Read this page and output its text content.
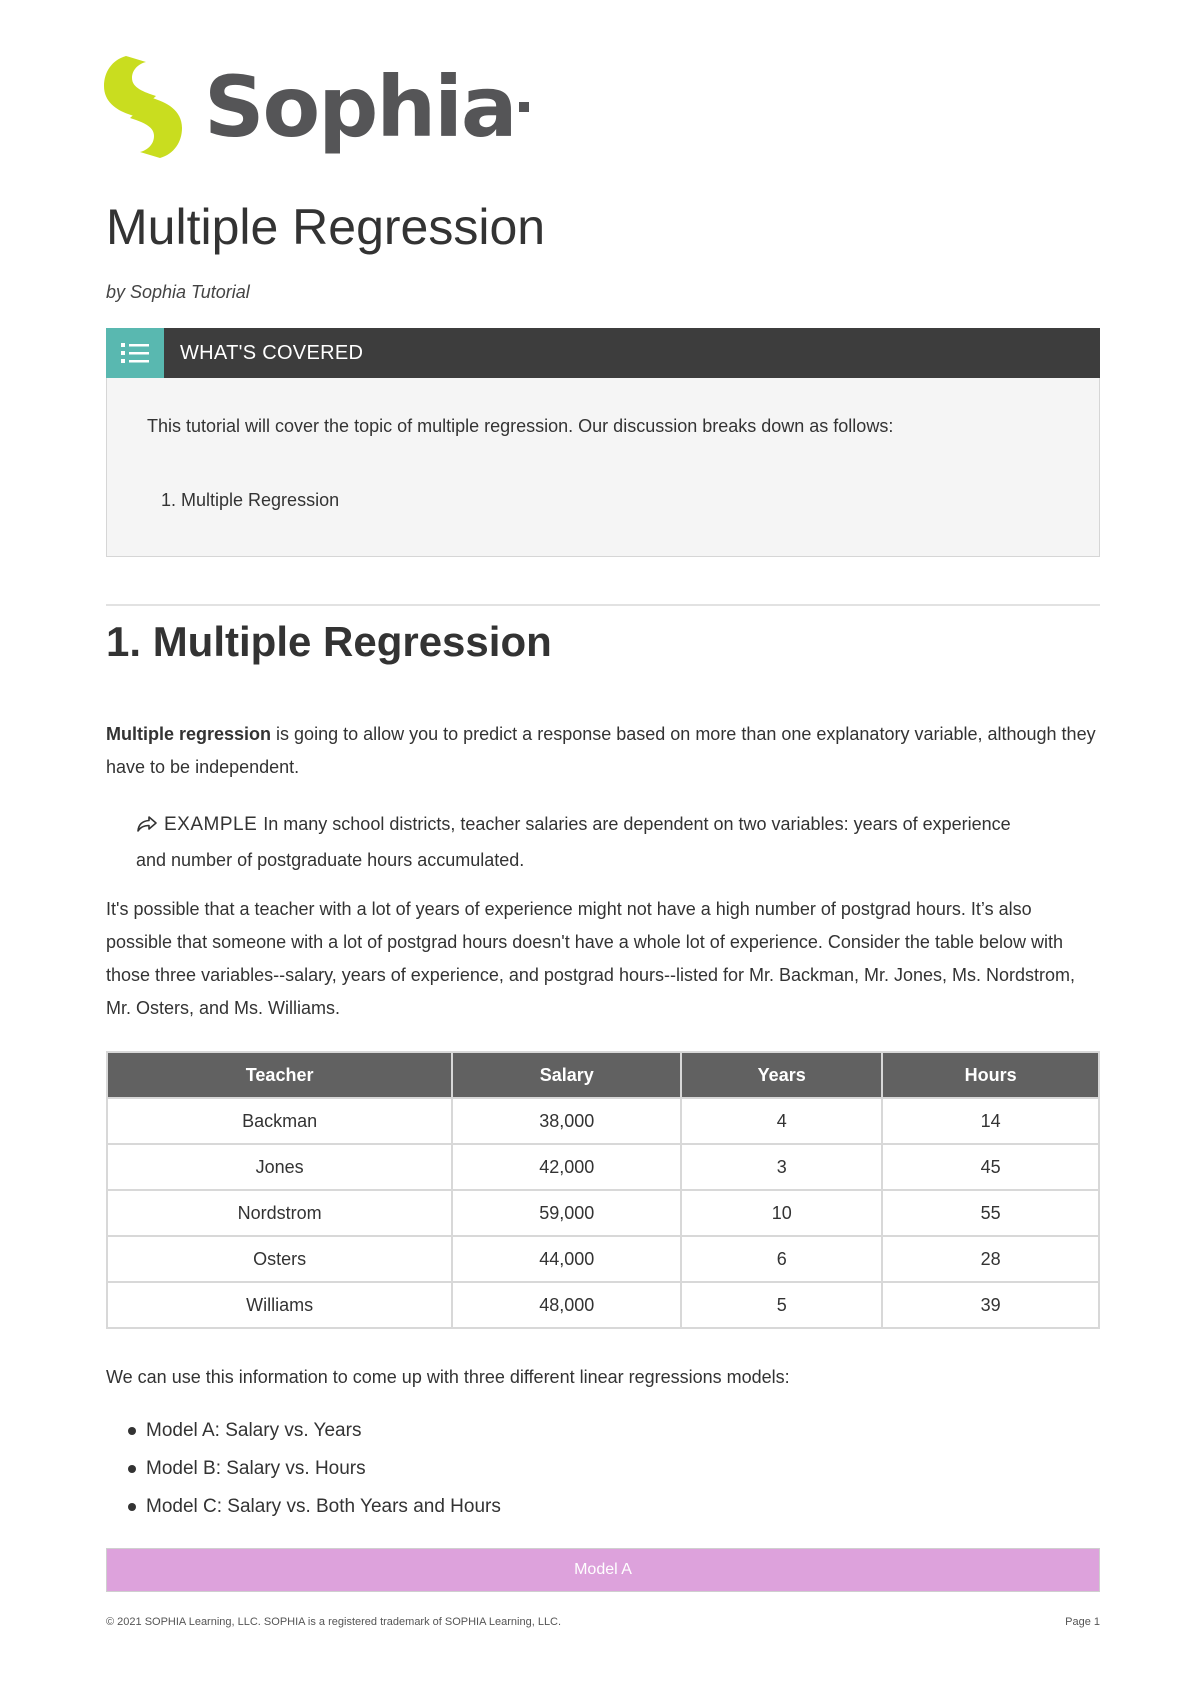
Sophia
Multiple Regression
by Sophia Tutorial
WHAT'S COVERED
This tutorial will cover the topic of multiple regression. Our discussion breaks down as follows:
1. Multiple Regression
1. Multiple Regression

Multiple regression is going to allow you to predict a response based on more than one explanatory variable, although they have to be independent.

EXAMPLE In many school districts, teacher salaries are dependent on two variables: years of experience and number of postgraduate hours accumulated.

It's possible that a teacher with a lot of years of experience might not have a high number of postgrad hours. It’s also possible that someone with a lot of postgrad hours doesn't have a whole lot of experience. Consider the table below with those three variables--salary, years of experience, and postgrad hours--listed for Mr. Backman, Mr. Jones, Ms. Nordstrom, Mr. Osters, and Ms. Williams.

Teacher	Salary	Years	Hours
Backman	38,000	4	14
Jones	42,000	3	45
Nordstrom	59,000	10	55
Osters	44,000	6	28
Williams	48,000	5	39

We can use this information to come up with three different linear regressions models:

Model A: Salary vs. Years
Model B: Salary vs. Hours
Model C: Salary vs. Both Years and Hours
Model A
© 2021 SOPHIA Learning, LLC. SOPHIA is a registered trademark of SOPHIA Learning, LLC.	Page 1
